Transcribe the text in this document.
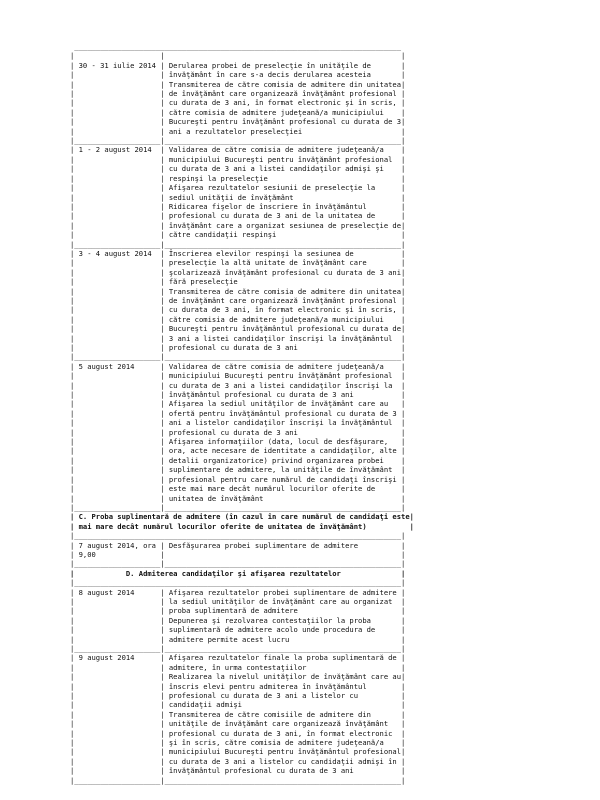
____________________________________________________________________________
|                    |                                                       |
| 30 - 31 iulie 2014 | Derularea probei de preselecţie în unităţile de       |
|                    | învăţământ în care s-a decis derularea acesteia       |
|                    | Transmiterea de către comisia de admitere din unitatea|
|                    | de învăţământ care organizează învăţământ profesional |
|                    | cu durata de 3 ani, în format electronic şi în scris, |
|                    | către comisia de admitere judeţeană/a municipiului    |
|                    | Bucureşti pentru învăţământ profesional cu durata de 3|
|                    | ani a rezultatelor preselecţiei                       |
|____________________|_______________________________________________________|
| 1 - 2 august 2014  | Validarea de către comisia de admitere judeţeană/a    |
|                    | municipiului Bucureşti pentru învăţământ profesional  |
|                    | cu durata de 3 ani a listei candidaţilor admişi şi    |
|                    | respinşi la preselecţie                               |
|                    | Afişarea rezultatelor sesiunii de preselecţie la      |
|                    | sediul unităţii de învăţământ                         |
|                    | Ridicarea fişelor de înscriere în învăţământul        |
|                    | profesional cu durata de 3 ani de la unitatea de      |
|                    | învăţământ care a organizat sesiunea de preselecţie de|
|                    | către candidaţii respinşi                             |
|____________________|_______________________________________________________|
| 3 - 4 august 2014  | Înscrierea elevilor respinşi la sesiunea de           |
|                    | preselecţie la altă unitate de învăţământ care        |
|                    | şcolarizează învăţământ profesional cu durata de 3 ani|
|                    | fără preselecţie                                      |
|                    | Transmiterea de către comisia de admitere din unitatea|
|                    | de învăţământ care organizează învăţământ profesional |
|                    | cu durata de 3 ani, în format electronic şi în scris, |
|                    | către comisia de admitere judeţeană/a municipiului    |
|                    | Bucureşti pentru învăţământul profesional cu durata de|
|                    | 3 ani a listei candidaţilor înscrişi la învăţământul  |
|                    | profesional cu durata de 3 ani                        |
|____________________|_______________________________________________________|
| 5 august 2014      | Validarea de către comisia de admitere judeţeană/a    |
|                    | municipiului Bucureşti pentru învăţământ profesional  |
|                    | cu durata de 3 ani a listei candidaţilor înscrişi la  |
|                    | învăţământul profesional cu durata de 3 ani           |
|                    | Afişarea la sediul unităţilor de învăţământ care au   |
|                    | ofertă pentru învăţământul profesional cu durata de 3 |
|                    | ani a listelor candidaţilor înscrişi la învăţământul  |
|                    | profesional cu durata de 3 ani                        |
|                    | Afişarea informaţiilor (data, locul de desfăşurare,   |
|                    | ora, acte necesare de identitate a candidaţilor, alte |
|                    | detalii organizatorice) privind organizarea probei    |
|                    | suplimentare de admitere, la unităţile de învăţământ  |
|                    | profesional pentru care numărul de candidaţi înscrişi |
|                    | este mai mare decât numărul locurilor oferite de      |
|                    | unitatea de învăţământ                                |
|____________________|_______________________________________________________|
| C. Proba suplimentară de admitere (în cazul în care numărul de candidaţi este|
| mai mare decât numărul locurilor oferite de unitatea de învăţământ)          |
|____________________________________________________________________________|
| 7 august 2014, ora | Desfăşurarea probei suplimentare de admitere          |
| 9,00               |                                                       |
|____________________|_______________________________________________________|
|            D. Admiterea candidaţilor şi afişarea rezultatelor              |
|____________________________________________________________________________|
| 8 august 2014      | Afişarea rezultatelor probei suplimentare de admitere |
|                    | la sediul unităţilor de învăţământ care au organizat  |
|                    | proba suplimentară de admitere                        |
|                    | Depunerea şi rezolvarea contestaţiilor la proba       |
|                    | suplimentară de admitere acolo unde procedura de      |
|                    | admitere permite acest lucru                          |
|____________________|_______________________________________________________|
| 9 august 2014      | Afişarea rezultatelor finale la proba suplimentară de |
|                    | admitere, în urma contestaţiilor                      |
|                    | Realizarea la nivelul unităţilor de învăţământ care au|
|                    | înscris elevi pentru admiterea în învăţământul        |
|                    | profesional cu durata de 3 ani a listelor cu          |
|                    | candidaţii admişi                                     |
|                    | Transmiterea de către comisiile de admitere din       |
|                    | unităţile de învăţământ care organizează învăţământ   |
|                    | profesional cu durata de 3 ani, în format electronic  |
|                    | şi în scris, către comisia de admitere judeţeană/a    |
|                    | municipiului Bucureşti pentru învăţământul profesional|
|                    | cu durata de 3 ani a listelor cu candidaţii admişi în |
|                    | învăţământul profesional cu durata de 3 ani           |
|____________________|_______________________________________________________|
